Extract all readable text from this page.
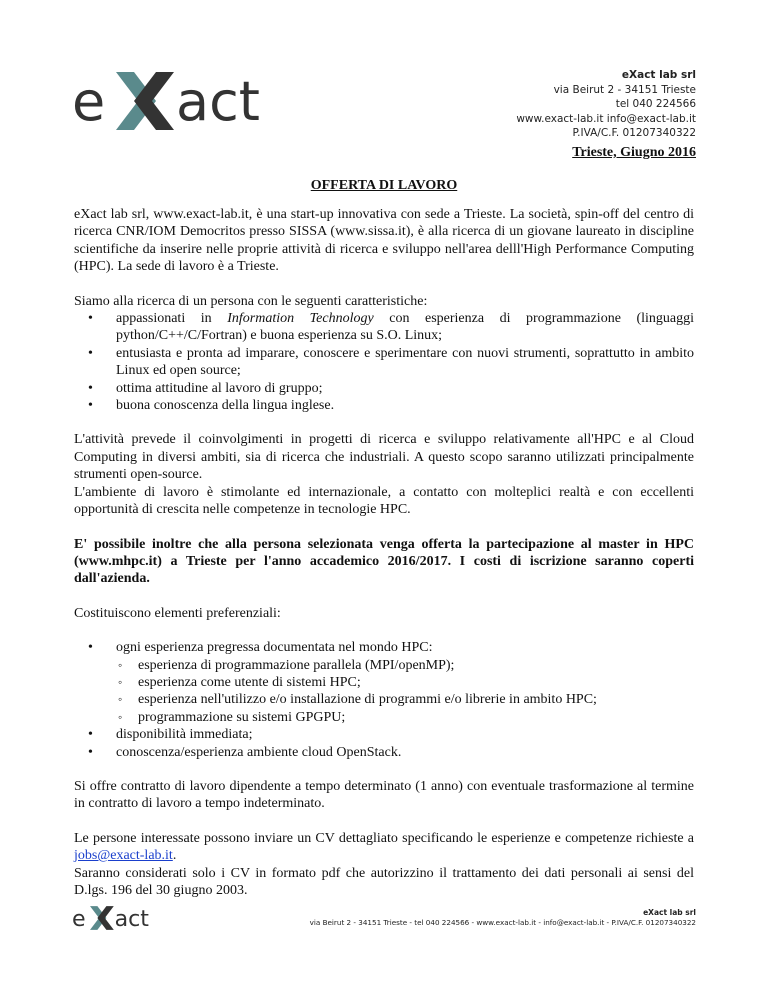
e act	eXact lab srl
via Beirut 2 - 34151 Trieste
tel 040 224566
www.exact-lab.it info@exact-lab.it
P.IVA/C.F. 01207340322
Trieste, Giugno 2016
OFFERTA DI LAVORO

eXact lab srl, www.exact-lab.it, è una start-up innovativa con sede a Trieste. La società, spin-off del centro di ricerca CNR/IOM Democritos presso SISSA (www.sissa.it), è alla ricerca di un giovane laureato in discipline scientifiche da inserire nelle proprie attività di ricerca e sviluppo nell'area delll'High Performance Computing (HPC). La sede di lavoro è a Trieste.

Siamo alla ricerca di un persona con le seguenti caratteristiche:

• appassionati in Information Technology con esperienza di programmazione (linguaggi python/C++/C/Fortran) e buona esperienza su S.O. Linux;
• entusiasta e pronta ad imparare, conoscere e sperimentare con nuovi strumenti, soprattutto in ambito Linux ed open source;
• ottima attitudine al lavoro di gruppo;
• buona conoscenza della lingua inglese.

L'attività prevede il coinvolgimenti in progetti di ricerca e sviluppo relativamente all'HPC e al Cloud Computing in diversi ambiti, sia di ricerca che industriali. A questo scopo saranno utilizzati principalmente strumenti open-source.

L'ambiente di lavoro è stimolante ed internazionale, a contatto con molteplici realtà e con eccellenti opportunità di crescita nelle competenze in tecnologie HPC.

E' possibile inoltre che alla persona selezionata venga offerta la partecipazione al master in HPC (www.mhpc.it) a Trieste per l'anno accademico 2016/2017. I costi di iscrizione saranno coperti dall'azienda.

Costituiscono elementi preferenziali:

• ogni esperienza pregressa documentata nel mondo HPC:
◦ esperienza di programmazione parallela (MPI/openMP);
◦ esperienza come utente di sistemi HPC;
◦ esperienza nell'utilizzo e/o installazione di programmi e/o librerie in ambito HPC;
◦ programmazione su sistemi GPGPU;
• disponibilità immediata;
• conoscenza/esperienza ambiente cloud OpenStack.

Si offre contratto di lavoro dipendente a tempo determinato (1 anno) con eventuale trasformazione al termine in contratto di lavoro a tempo indeterminato.

Le persone interessate possono inviare un CV dettagliato specificando le esperienze e competenze richieste a jobs@exact-lab.it.

Saranno considerati solo i CV in formato pdf che autorizzino il trattamento dei dati personali ai sensi del D.lgs. 196 del 30 giugno 2003.

e act	eXact lab srl
via Beirut 2 - 34151 Trieste - tel 040 224566 - www.exact-lab.it - info@exact-lab.it - P.IVA/C.F. 01207340322
